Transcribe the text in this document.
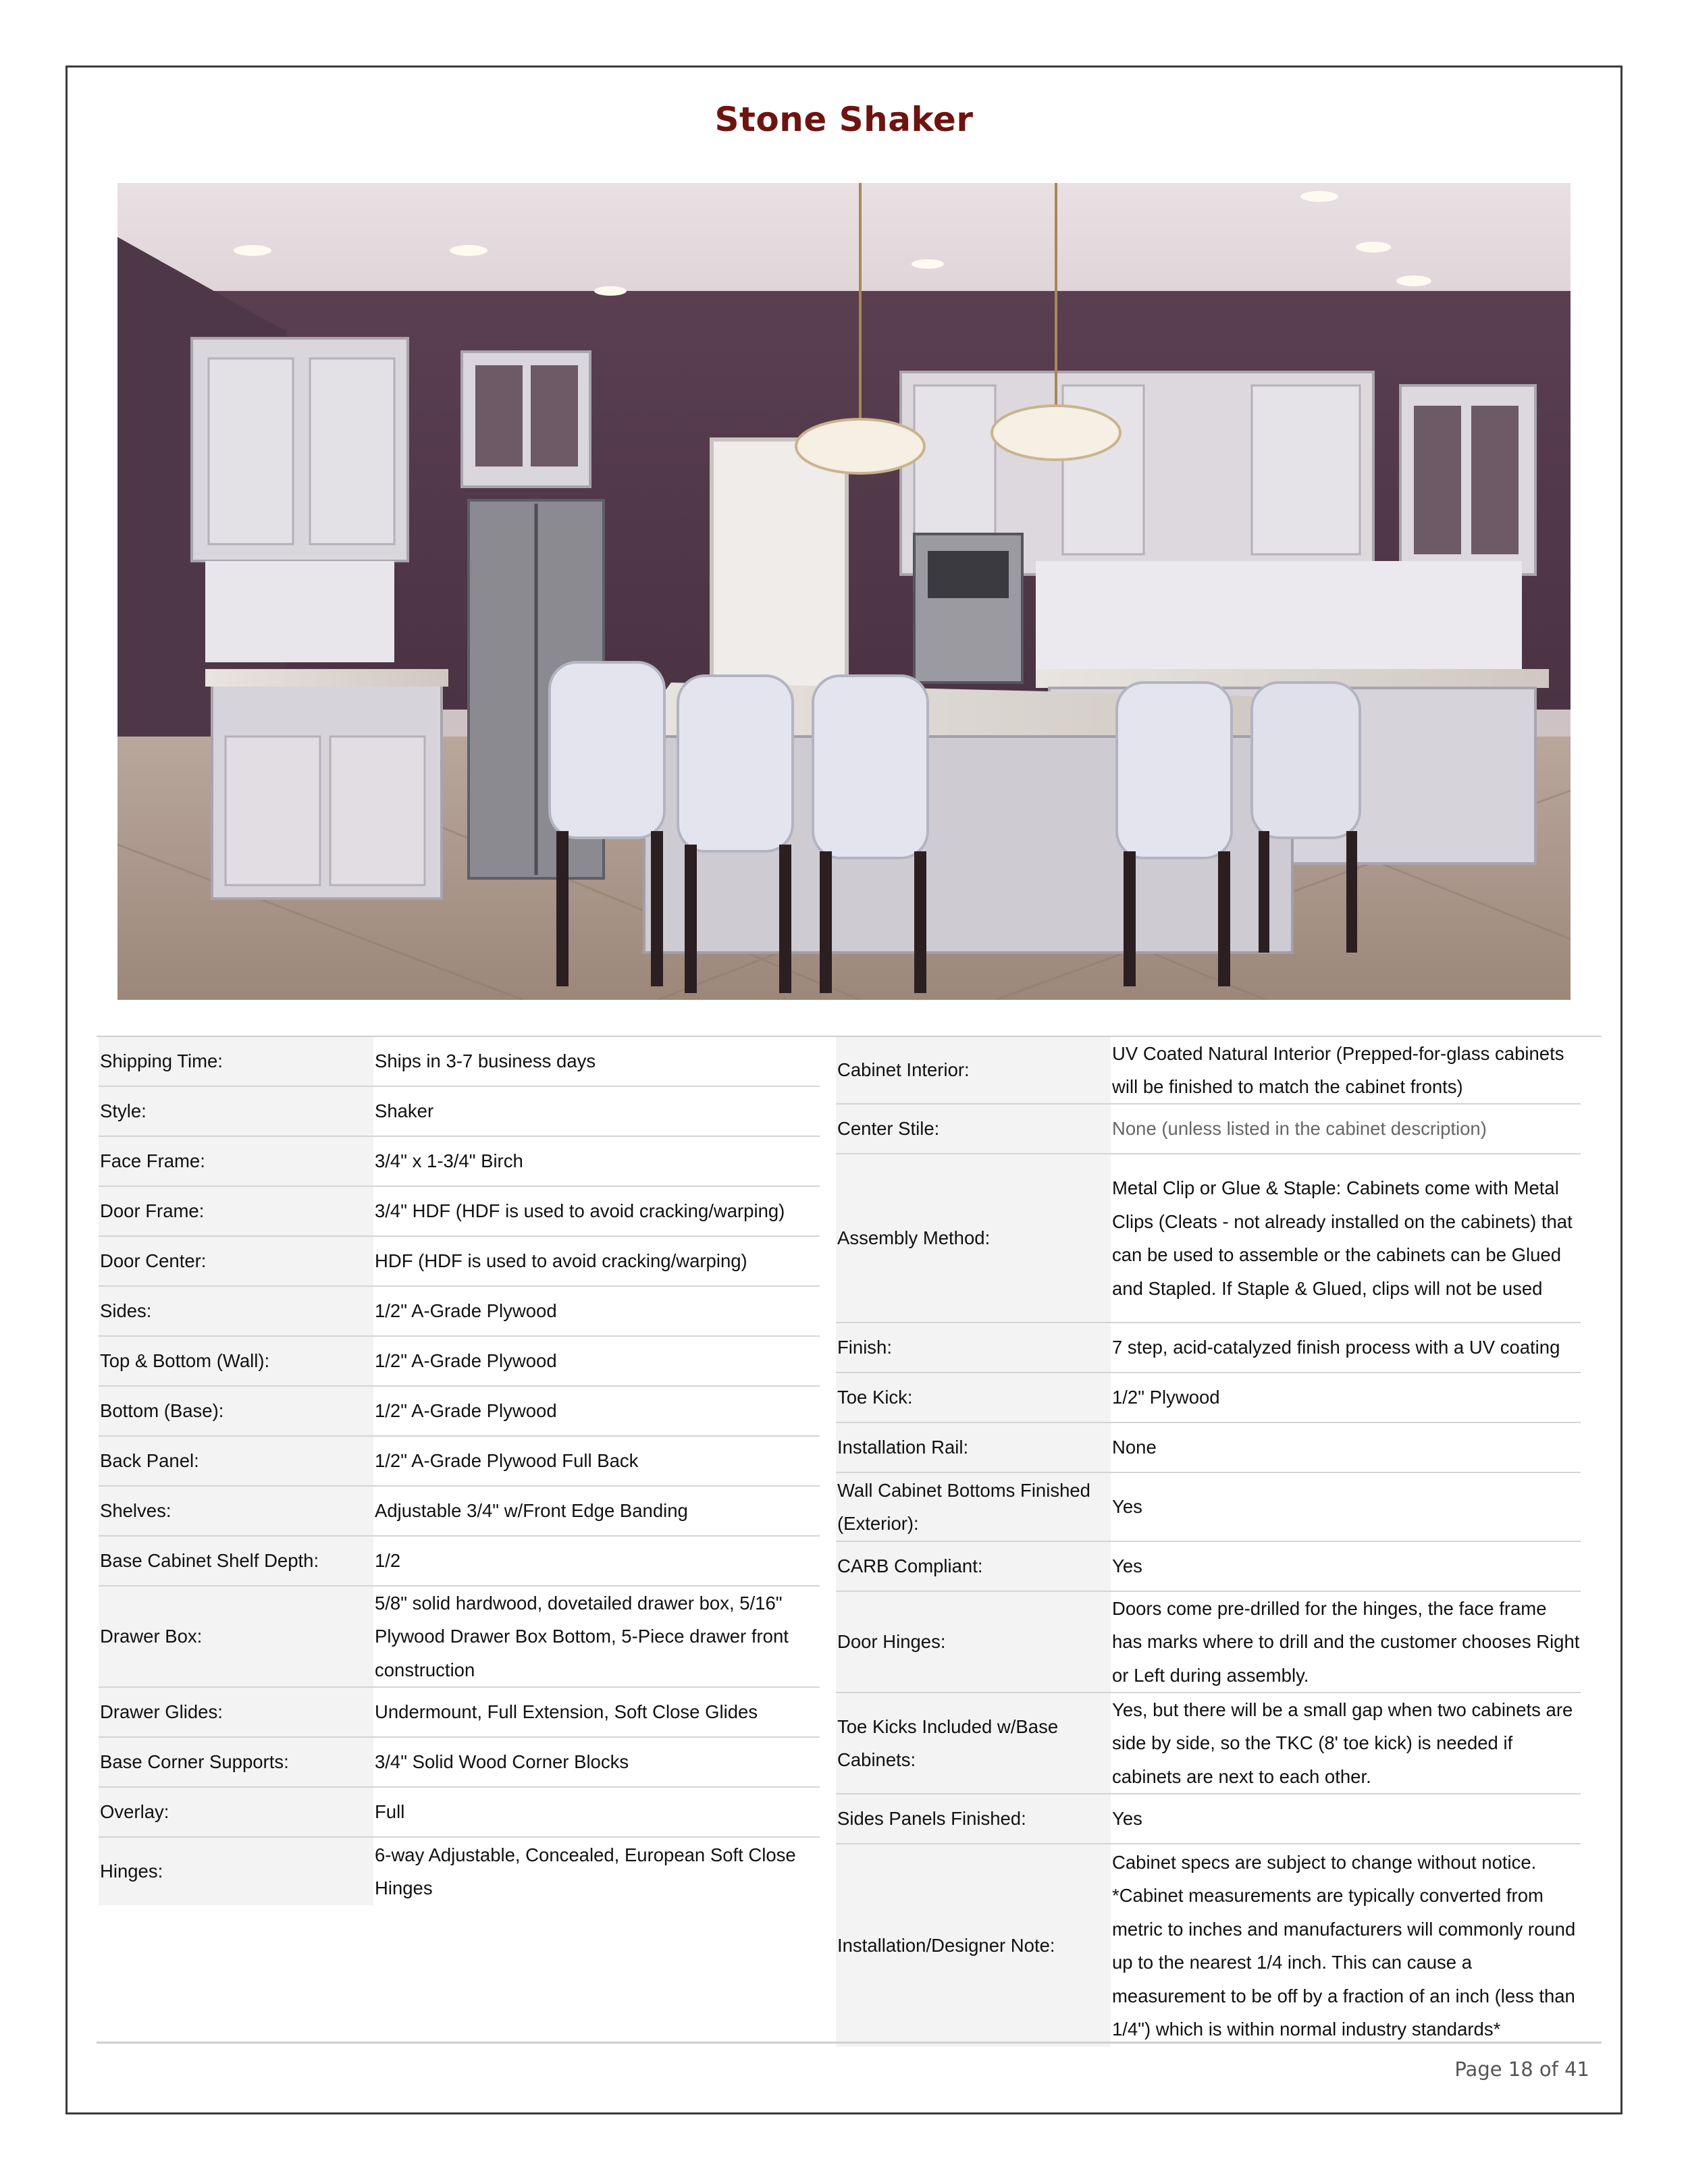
Stone Shaker
Shipping Time:	Ships in 3-7 business days
Style:	Shaker
Face Frame:	3/4" x 1-3/4" Birch
Door Frame:	3/4" HDF (HDF is used to avoid cracking/warping)
Door Center:	HDF (HDF is used to avoid cracking/warping)
Sides:	1/2" A-Grade Plywood
Top & Bottom (Wall):	1/2" A-Grade Plywood
Bottom (Base):	1/2" A-Grade Plywood
Back Panel:	1/2" A-Grade Plywood Full Back
Shelves:	Adjustable 3/4" w/Front Edge Banding
Base Cabinet Shelf Depth:	1/2
Drawer Box:
5/8" solid hardwood, dovetailed drawer box, 5/16" Plywood Drawer Box Bottom, 5-Piece drawer front construction
Drawer Glides:	Undermount, Full Extension, Soft Close Glides
Base Corner Supports:	3/4" Solid Wood Corner Blocks
Overlay:	Full
Hinges:
6-way Adjustable, Concealed, European Soft Close Hinges
Cabinet Interior:
UV Coated Natural Interior (Prepped-for-glass cabinets will be finished to match the cabinet fronts)
Center Stile:	None (unless listed in the cabinet description)
Assembly Method:
Metal Clip or Glue & Staple: Cabinets come with Metal Clips (Cleats - not already installed on the cabinets) that can be used to assemble or the cabinets can be Glued and Stapled. If Staple & Glued, clips will not be used
Finish:	7 step, acid-catalyzed finish process with a UV coating
Toe Kick:	1/2" Plywood
Installation Rail:	None
Wall Cabinet Bottoms Finished (Exterior):
Yes
CARB Compliant:	Yes
Door Hinges:
Doors come pre-drilled for the hinges, the face frame has marks where to drill and the customer chooses Right or Left during assembly.
Toe Kicks Included w/Base Cabinets:
Yes, but there will be a small gap when two cabinets are side by side, so the TKC (8' toe kick) is needed if cabinets are next to each other.
Sides Panels Finished:	Yes
Installation/Designer Note:
Cabinet specs are subject to change without notice. *Cabinet measurements are typically converted from metric to inches and manufacturers will commonly round up to the nearest 1/4 inch. This can cause a measurement to be off by a fraction of an inch (less than 1/4") which is within normal industry standards*
Page 18 of 41
